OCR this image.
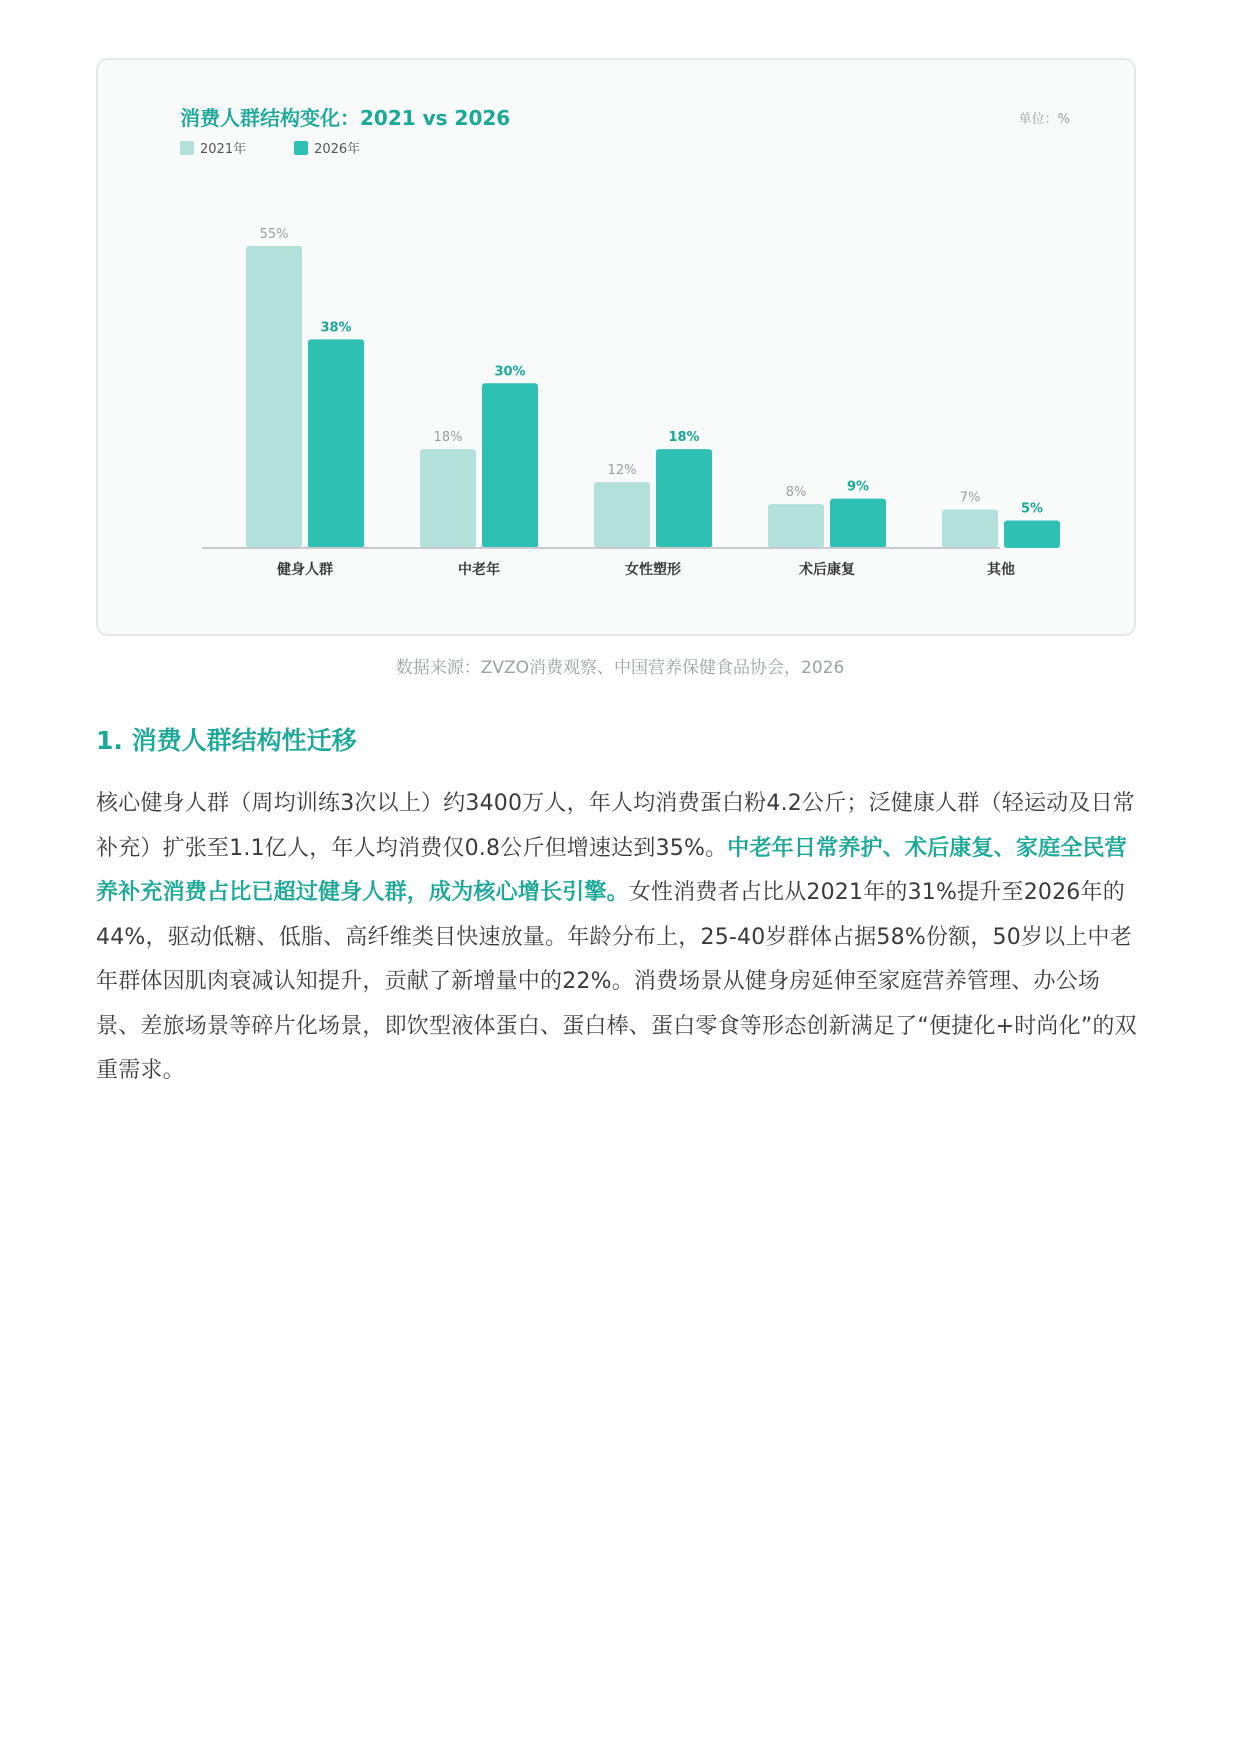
消费人群结构变化：2021 vs 2026	单位：%
2021年	2026年
55%
38%
健身人群
18%
30%
中老年
12%
18%
女性塑形
8%	9%
术后康复
7%
5%
其他
数据来源：ZVZO消费观察、中国营养保健食品协会，2026
1. 消费人群结构性迁移

核心健身人群（周均训练3次以上）约3400万人，年人均消费蛋白粉4.2公斤；泛健康人群（轻运动及日常补充）扩张至1.1亿人，年人均消费仅0.8公斤但增速达到35%。中老年日常养护、术后康复、家庭全民营养补充消费占比已超过健身人群，成为核心增长引擎。女性消费者占比从2021年的31%提升至2026年的44%，驱动低糖、低脂、高纤维类目快速放量。年龄分布上，25-40岁群体占据58%份额，50岁以上中老年群体因肌肉衰减认知提升，贡献了新增量中的22%。消费场景从健身房延伸至家庭营养管理、办公场景、差旅场景等碎片化场景，即饮型液体蛋白、蛋白棒、蛋白零食等形态创新满足了“便捷化+时尚化”的双重需求。
